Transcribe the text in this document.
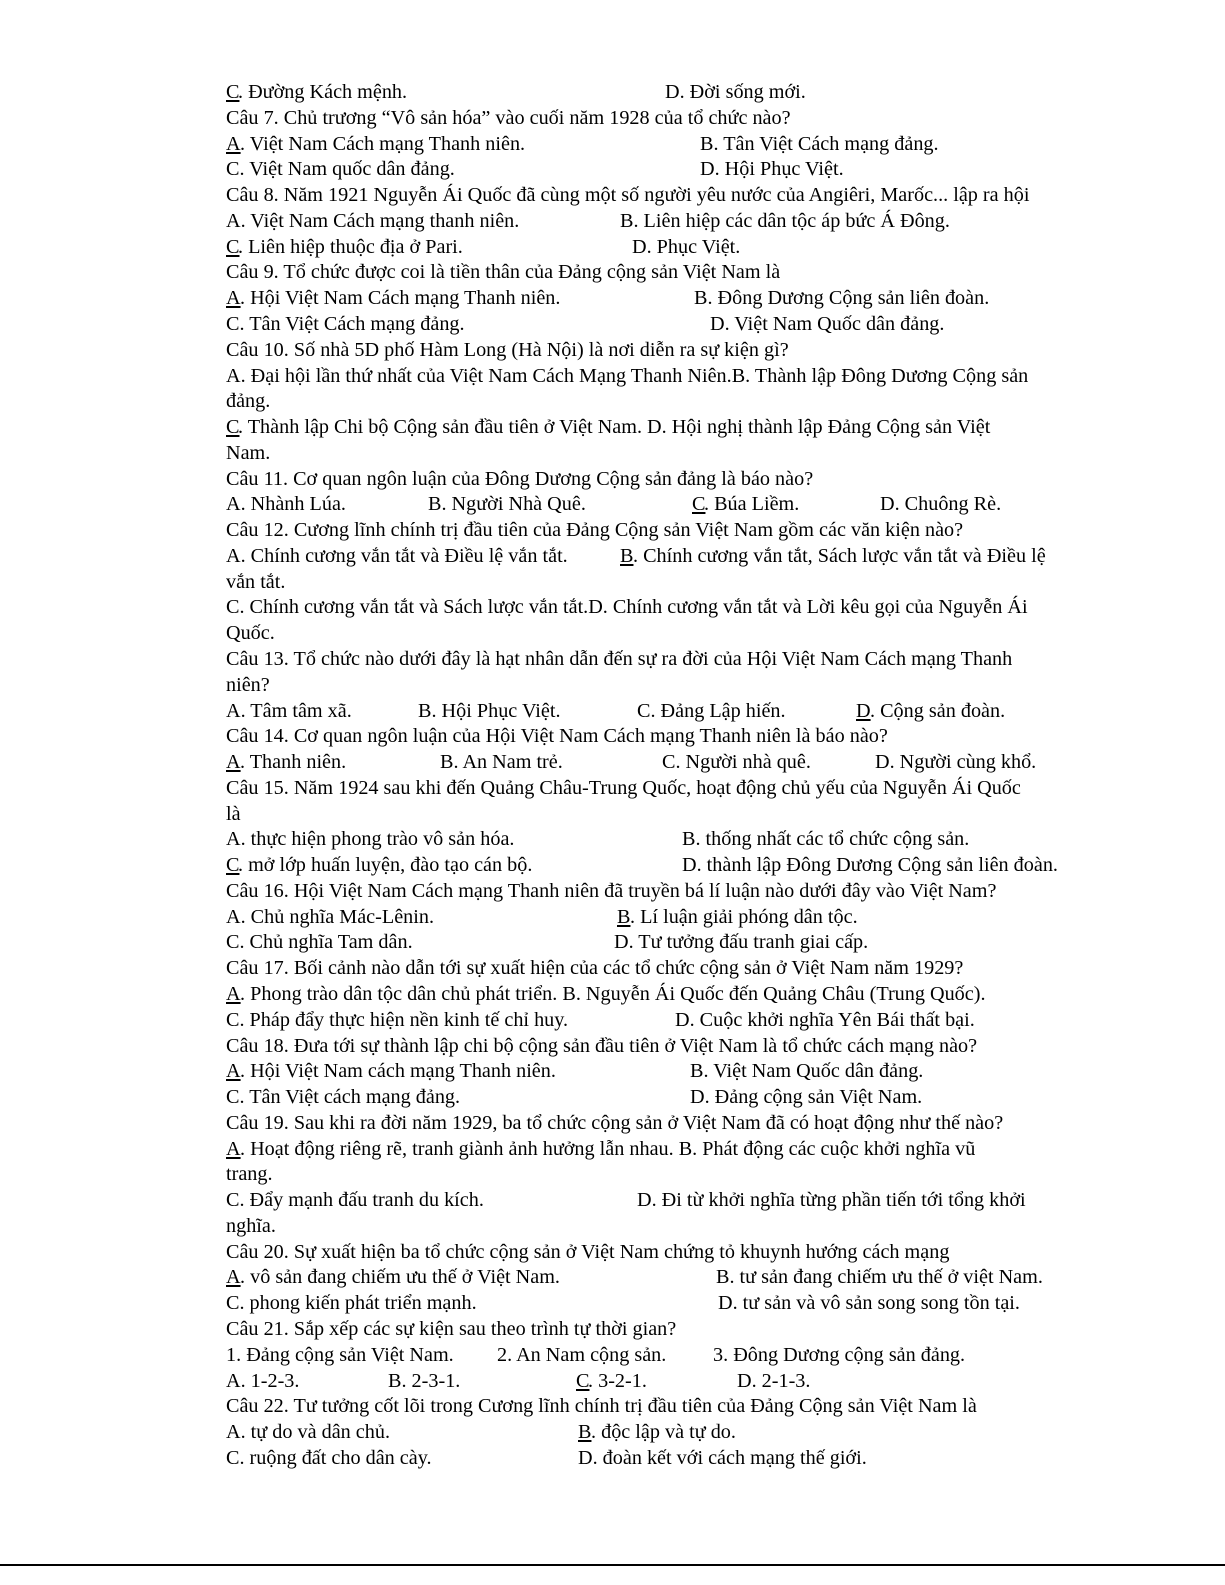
C
. Đường Kách mệnh.	D. Đời sống mới.
Câu 7. Chủ trương “Vô sản hóa” vào cuối năm 1928 của tổ chức nào?
A . Việt Nam Cách mạng Thanh niên.	B. Tân Việt Cách mạng đảng.
C. Việt Nam quốc dân đảng.	D. Hội Phục Việt.
Câu 8. Năm 1921 Nguyễn Ái Quốc đã cùng một số người yêu nước của Angiêri, Marốc... lập ra hội
A. Việt Nam Cách mạng thanh niên.	B. Liên hiệp các dân tộc áp bức Á Đông.
C
. Liên hiệp thuộc địa ở Pari.	D. Phục Việt.
Câu 9. Tổ chức được coi là tiền thân của Đảng cộng sản Việt Nam là
A . Hội Việt Nam Cách mạng Thanh niên.	B. Đông Dương Cộng sản liên đoàn.
C. Tân Việt Cách mạng đảng.	D. Việt Nam Quốc dân đảng.
Câu 10. Số nhà 5D phố Hàm Long (Hà Nội) là nơi diễn ra sự kiện gì?
A. Đại hội lần thứ nhất của Việt Nam Cách Mạng Thanh Niên.B. Thành lập Đông Dương Cộng sản
đảng.
C
. Thành lập Chi bộ Cộng sản đầu tiên ở Việt Nam. D. Hội nghị thành lập Đảng Cộng sản Việt
Nam.
Câu 11. Cơ quan ngôn luận của Đông Dương Cộng sản đảng là báo nào?
A. Nhành Lúa.	B. Người Nhà Quê.	C
. Búa Liềm.	D. Chuông Rè.
Câu 12. Cương lĩnh chính trị đầu tiên của Đảng Cộng sản Việt Nam gồm các văn kiện nào?
A. Chính cương vắn tắt và Điều lệ vắn tắt.	B . Chính cương vắn tắt, Sách lược vắn tắt và Điều lệ
vắn tắt.
C. Chính cương vắn tắt và Sách lược vắn tắt.D. Chính cương vắn tắt và Lời kêu gọi của Nguyễn Ái
Quốc.
Câu 13. Tổ chức nào dưới đây là hạt nhân dẫn đến sự ra đời của Hội Việt Nam Cách mạng Thanh
niên?
A. Tâm tâm xã.	B. Hội Phục Việt.	C. Đảng Lập hiến.	D . Cộng sản đoàn.
Câu 14. Cơ quan ngôn luận của Hội Việt Nam Cách mạng Thanh niên là báo nào?
A . Thanh niên.	B. An Nam trẻ.	C. Người nhà quê.	D. Người cùng khổ.
Câu 15. Năm 1924 sau khi đến Quảng Châu-Trung Quốc, hoạt động chủ yếu của Nguyễn Ái Quốc
là
A. thực hiện phong trào vô sản hóa.	B. thống nhất các tổ chức cộng sản.
C
. mở lớp huấn luyện, đào tạo cán bộ.	D. thành lập Đông Dương Cộng sản liên đoàn.
Câu 16. Hội Việt Nam Cách mạng Thanh niên đã truyền bá lí luận nào dưới đây vào Việt Nam?
A. Chủ nghĩa Mác-Lênin.	B . Lí luận giải phóng dân tộc.
C. Chủ nghĩa Tam dân.	D. Tư tưởng đấu tranh giai cấp.
Câu 17. Bối cảnh nào dẫn tới sự xuất hiện của các tổ chức cộng sản ở Việt Nam năm 1929?
A . Phong trào dân tộc dân chủ phát triển. B. Nguyễn Ái Quốc đến Quảng Châu (Trung Quốc).
C. Pháp đẩy thực hiện nền kinh tế chỉ huy.	D. Cuộc khởi nghĩa Yên Bái thất bại.
Câu 18. Đưa tới sự thành lập chi bộ cộng sản đầu tiên ở Việt Nam là tổ chức cách mạng nào?
A . Hội Việt Nam cách mạng Thanh niên.	B. Việt Nam Quốc dân đảng.
C. Tân Việt cách mạng đảng.	D. Đảng cộng sản Việt Nam.
Câu 19. Sau khi ra đời năm 1929, ba tổ chức cộng sản ở Việt Nam đã có hoạt động như thế nào?
A . Hoạt động riêng rẽ, tranh giành ảnh hưởng lẫn nhau. B. Phát động các cuộc khởi nghĩa vũ
trang.
C. Đẩy mạnh đấu tranh du kích.	D. Đi từ khởi nghĩa từng phần tiến tới tổng khởi
nghĩa.
Câu 20. Sự xuất hiện ba tổ chức cộng sản ở Việt Nam chứng tỏ khuynh hướng cách mạng
A . vô sản đang chiếm ưu thế ở Việt Nam.	B. tư sản đang chiếm ưu thế ở việt Nam.
C. phong kiến phát triển mạnh.	D. tư sản và vô sản song song tồn tại.
Câu 21. Sắp xếp các sự kiện sau theo trình tự thời gian?
1. Đảng cộng sản Việt Nam. 2. An Nam cộng sản. 3. Đông Dương cộng sản đảng.
A. 1-2-3.	B. 2-3-1.	C
. 3-2-1.	D. 2-1-3.
Câu 22. Tư tưởng cốt lõi trong Cương lĩnh chính trị đầu tiên của Đảng Cộng sản Việt Nam là
A. tự do và dân chủ.	B . độc lập và tự do.
C. ruộng đất cho dân cày.	D. đoàn kết với cách mạng thế giới.
